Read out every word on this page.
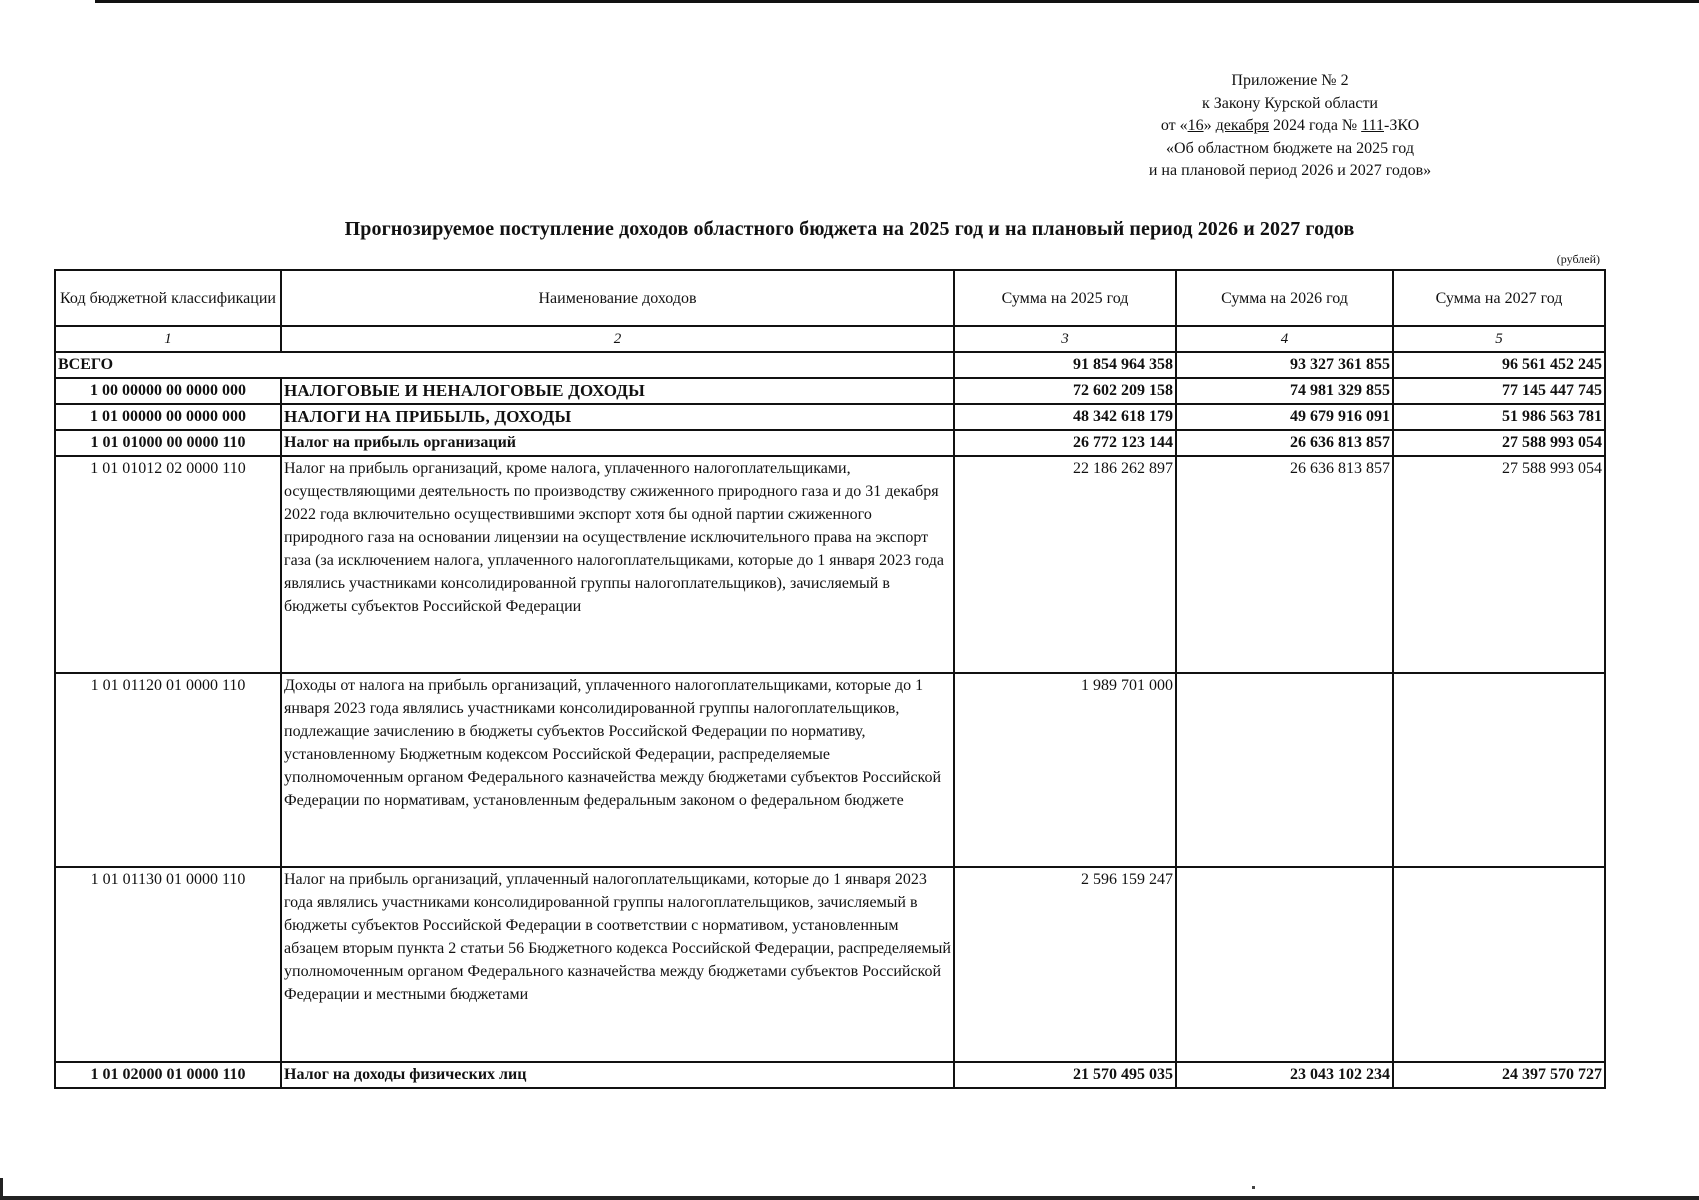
Приложение № 2
к Закону Курской области
от «16» декабря 2024 года № 111-ЗКО
«Об областном бюджете на 2025 год
и на плановой период 2026 и 2027 годов»
Прогнозируемое поступление доходов областного бюджета на 2025 год и на плановый период 2026 и 2027 годов
(рублей)
Код бюджетной классификации	Наименование доходов	Сумма на 2025 год	Сумма на 2026 год	Сумма на 2027 год
1	2	3	4	5
ВСЕГО		91 854 964 358	93 327 361 855	96 561 452 245
1 00 00000 00 0000 000	НАЛОГОВЫЕ И НЕНАЛОГОВЫЕ ДОХОДЫ	72 602 209 158	74 981 329 855	77 145 447 745
1 01 00000 00 0000 000	НАЛОГИ НА ПРИБЫЛЬ, ДОХОДЫ	48 342 618 179	49 679 916 091	51 986 563 781
1 01 01000 00 0000 110	Налог на прибыль организаций	26 772 123 144	26 636 813 857	27 588 993 054
1 01 01012 02 0000 110	Налог на прибыль организаций, кроме налога, уплаченного налогоплательщиками, осуществляющими деятельность по производству сжиженного природного газа и до 31 декабря 2022 года включительно осуществившими экспорт хотя бы одной партии сжиженного природного газа на основании лицензии на осуществление исключительного права на экспорт газа (за исключением налога, уплаченного налогоплательщиками, которые до 1 января 2023 года являлись участниками консолидированной группы налогоплательщиков), зачисляемый в бюджеты субъектов Российской Федерации	22 186 262 897	26 636 813 857	27 588 993 054
1 01 01120 01 0000 110	Доходы от налога на прибыль организаций, уплаченного налогоплательщиками, которые до 1 января 2023 года являлись участниками консолидированной группы налогоплательщиков, подлежащие зачислению в бюджеты субъектов Российской Федерации по нормативу, установленному Бюджетным кодексом Российской Федерации, распределяемые уполномоченным органом Федерального казначейства между бюджетами субъектов Российской Федерации по нормативам, установленным федеральным законом о федеральном бюджете	1 989 701 000		
1 01 01130 01 0000 110	Налог на прибыль организаций, уплаченный налогоплательщиками, которые до 1 января 2023 года являлись участниками консолидированной группы налогоплательщиков, зачисляемый в бюджеты субъектов Российской Федерации в соответствии с нормативом, установленным абзацем вторым пункта 2 статьи 56 Бюджетного кодекса Российской Федерации, распределяемый уполномоченным органом Федерального казначейства между бюджетами субъектов Российской Федерации и местными бюджетами	2 596 159 247		
1 01 02000 01 0000 110	Налог на доходы физических лиц	21 570 495 035	23 043 102 234	24 397 570 727
